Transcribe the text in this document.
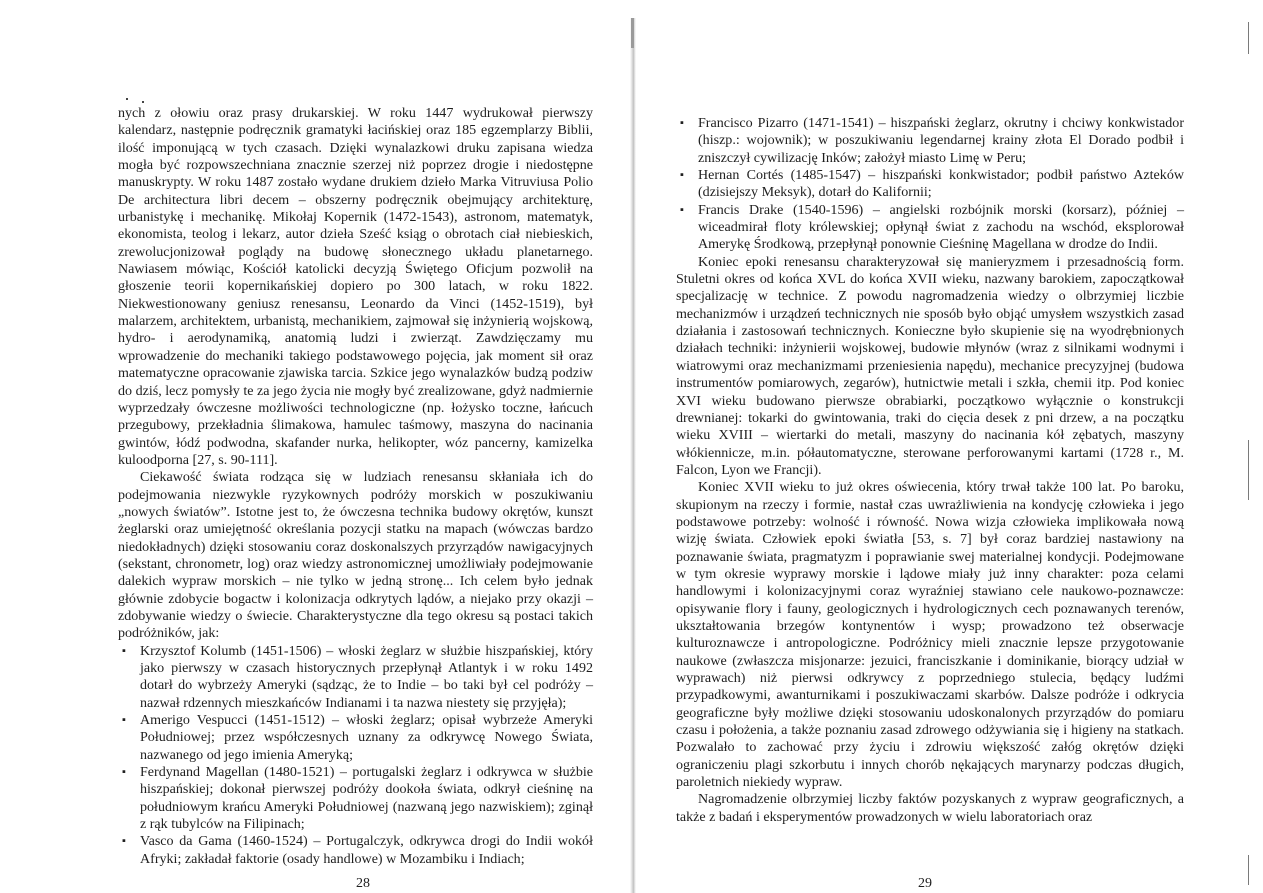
nych z ołowiu oraz prasy drukarskiej. W roku 1447 wydrukował pierwszy kalendarz, następnie podręcznik gramatyki łacińskiej oraz 185 egzemplarzy Biblii, ilość imponującą w tych czasach. Dzięki wynalazkowi druku zapisana wiedza mogła być rozpowszechniana znacznie szerzej niż poprzez drogie i niedostępne manuskrypty. W roku 1487 zostało wydane drukiem dzieło Marka Vitruviusa Polio De architectura libri decem – obszerny podręcznik obejmujący architekturę, urbanistykę i mechanikę. Mikołaj Kopernik (1472-1543), astronom, matematyk, ekonomista, teolog i lekarz, autor dzieła Sześć ksiąg o obrotach ciał niebieskich, zrewolucjonizował poglądy na budowę słonecznego układu planetarnego. Nawiasem mówiąc, Kościół katolicki decyzją Świętego Oficjum pozwolił na głoszenie teorii kopernikańskiej dopiero po 300 latach, w roku 1822. Niekwestionowany geniusz renesansu, Leonardo da Vinci (1452-1519), był malarzem, architektem, urbanistą, mechanikiem, zajmował się inżynierią wojskową, hydro- i aerodynamiką, anatomią ludzi i zwierząt. Zawdzięczamy mu wprowadzenie do mechaniki takiego podstawowego pojęcia, jak moment sił oraz matematyczne opracowanie zjawiska tarcia. Szkice jego wynalazków budzą podziw do dziś, lecz pomysły te za jego życia nie mogły być zrealizowane, gdyż nadmiernie wyprzedzały ówczesne możliwości technologiczne (np. łożysko toczne, łańcuch przegubowy, przekładnia ślimakowa, hamulec taśmowy, maszyna do nacinania gwintów, łódź podwodna, skafander nurka, helikopter, wóz pancerny, kamizelka kuloodporna [27, s. 90-111].

Ciekawość świata rodząca się w ludziach renesansu skłaniała ich do podejmowania niezwykle ryzykownych podróży morskich w poszukiwaniu „nowych światów”. Istotne jest to, że ówczesna technika budowy okrętów, kunszt żeglarski oraz umiejętność określania pozycji statku na mapach (wówczas bardzo niedokładnych) dzięki stosowaniu coraz doskonalszych przyrządów nawigacyjnych (sekstant, chronometr, log) oraz wiedzy astronomicznej umożliwiały podejmowanie dalekich wypraw morskich – nie tylko w jedną stronę... Ich celem było jednak głównie zdobycie bogactw i kolonizacja odkrytych lądów, a niejako przy okazji – zdobywanie wiedzy o świecie. Charakterystyczne dla tego okresu są postaci takich podróżników, jak:

▪ Krzysztof Kolumb (1451-1506) – włoski żeglarz w służbie hiszpańskiej, który jako pierwszy w czasach historycznych przepłynął Atlantyk i w roku 1492 dotarł do wybrzeży Ameryki (sądząc, że to Indie – bo taki był cel podróży – nazwał rdzennych mieszkańców Indianami i ta nazwa niestety się przyjęła);
▪ Amerigo Vespucci (1451-1512) – włoski żeglarz; opisał wybrzeże Ameryki Południowej; przez współczesnych uznany za odkrywcę Nowego Świata, nazwanego od jego imienia Ameryką;
▪ Ferdynand Magellan (1480-1521) – portugalski żeglarz i odkrywca w służbie hiszpańskiej; dokonał pierwszej podróży dookoła świata, odkrył cieśninę na południowym krańcu Ameryki Południowej (nazwaną jego nazwiskiem); zginął z rąk tubylców na Filipinach;
▪ Vasco da Gama (1460-1524) – Portugalczyk, odkrywca drogi do Indii wokół Afryki; zakładał faktorie (osady handlowe) w Mozambiku i Indiach;
28
▪ Francisco Pizarro (1471-1541) – hiszpański żeglarz, okrutny i chciwy konkwistador (hiszp.: wojownik); w poszukiwaniu legendarnej krainy złota El Dorado podbił i zniszczył cywilizację Inków; założył miasto Limę w Peru;
▪ Hernan Cortés (1485-1547) – hiszpański konkwistador; podbił państwo Azteków (dzisiejszy Meksyk), dotarł do Kalifornii;
▪ Francis Drake (1540-1596) – angielski rozbójnik morski (korsarz), później – wiceadmirał floty królewskiej; opłynął świat z zachodu na wschód, eksplorował Amerykę Środkową, przepłynął ponownie Cieśninę Magellana w drodze do Indii.

Koniec epoki renesansu charakteryzował się manieryzmem i przesadnością form. Stuletni okres od końca XVL do końca XVII wieku, nazwany barokiem, zapoczątkował specjalizację w technice. Z powodu nagromadzenia wiedzy o olbrzymiej liczbie mechanizmów i urządzeń technicznych nie sposób było objąć umysłem wszystkich zasad działania i zastosowań technicznych. Konieczne było skupienie się na wyodrębnionych działach techniki: inżynierii wojskowej, budowie młynów (wraz z silnikami wodnymi i wiatrowymi oraz mechanizmami przeniesienia napędu), mechanice precyzyjnej (budowa instrumentów pomiarowych, zegarów), hutnictwie metali i szkła, chemii itp. Pod koniec XVI wieku budowano pierwsze obrabiarki, początkowo wyłącznie o konstrukcji drewnianej: tokarki do gwintowania, traki do cięcia desek z pni drzew, a na początku wieku XVIII – wiertarki do metali, maszyny do nacinania kół zębatych, maszyny włókiennicze, m.in. półautomatyczne, sterowane perforowanymi kartami (1728 r., M. Falcon, Lyon we Francji).

Koniec XVII wieku to już okres oświecenia, który trwał także 100 lat. Po baroku, skupionym na rzeczy i formie, nastał czas uwrażliwienia na kondycję człowieka i jego podstawowe potrzeby: wolność i równość. Nowa wizja człowieka implikowała nową wizję świata. Człowiek epoki światła [53, s. 7] był coraz bardziej nastawiony na poznawanie świata, pragmatyzm i poprawianie swej materialnej kondycji. Podejmowane w tym okresie wyprawy morskie i lądowe miały już inny charakter: poza celami handlowymi i kolonizacyjnymi coraz wyraźniej stawiano cele naukowo-poznawcze: opisywanie flory i fauny, geologicznych i hydrologicznych cech poznawanych terenów, ukształtowania brzegów kontynentów i wysp; prowadzono też obserwacje kulturoznawcze i antropologiczne. Podróżnicy mieli znacznie lepsze przygotowanie naukowe (zwłaszcza misjonarze: jezuici, franciszkanie i dominikanie, biorący udział w wyprawach) niż pierwsi odkrywcy z poprzedniego stulecia, będący ludźmi przypadkowymi, awanturnikami i poszukiwaczami skarbów. Dalsze podróże i odkrycia geograficzne były możliwe dzięki stosowaniu udoskonalonych przyrządów do pomiaru czasu i położenia, a także poznaniu zasad zdrowego odżywiania się i higieny na statkach. Pozwalało to zachować przy życiu i zdrowiu większość załóg okrętów dzięki ograniczeniu plagi szkorbutu i innych chorób nękających marynarzy podczas długich, paroletnich niekiedy wypraw.

Nagromadzenie olbrzymiej liczby faktów pozyskanych z wypraw geograficznych, a także z badań i eksperymentów prowadzonych w wielu laboratoriach oraz

29
